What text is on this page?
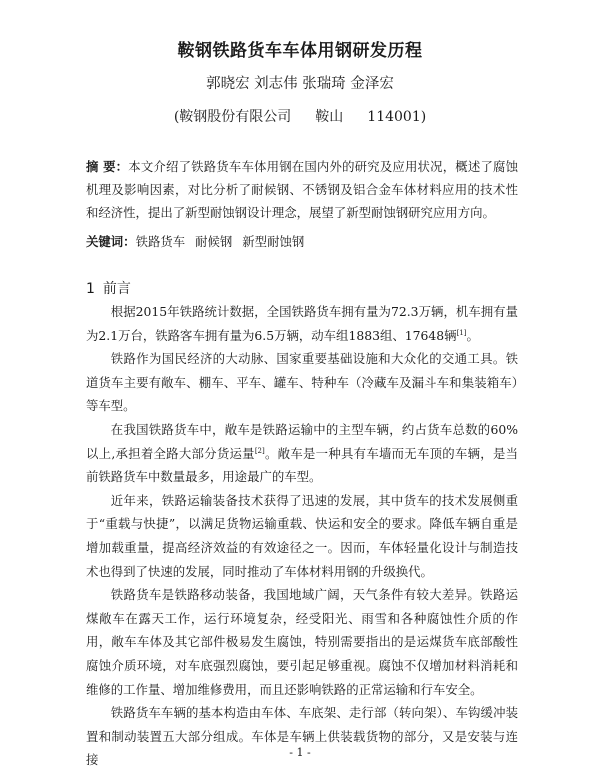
鞍钢铁路货车车体用钢研发历程
郭晓宏 刘志伟 张瑞琦 金泽宏
(鞍钢股份有限公司 鞍山 114001)
摘 要：本文介绍了铁路货车车体用钢在国内外的研究及应用状况，概述了腐蚀机理及影响因素，对比分析了耐候钢、不锈钢及铝合金车体材料应用的技术性和经济性，提出了新型耐蚀钢设计理念，展望了新型耐蚀钢研究应用方向。
关键词：铁路货车 耐候钢 新型耐蚀钢
1 前言

根据2015年铁路统计数据，全国铁路货车拥有量为72.3万辆，机车拥有量为2.1万台，铁路客车拥有量为6.5万辆，动车组1883组、17648辆[1]。

铁路作为国民经济的大动脉、国家重要基础设施和大众化的交通工具。铁道货车主要有敞车、棚车、平车、罐车、特种车（冷藏车及漏斗车和集装箱车）等车型。

在我国铁路货车中，敞车是铁路运输中的主型车辆，约占货车总数的60%以上,承担着全路大部分货运量[2]。敞车是一种具有车墙而无车顶的车辆，是当前铁路货车中数量最多，用途最广的车型。

近年来，铁路运输装备技术获得了迅速的发展，其中货车的技术发展侧重于“重载与快捷”，以满足货物运输重载、快运和安全的要求。降低车辆自重是增加载重量，提高经济效益的有效途径之一。因而，车体轻量化设计与制造技术也得到了快速的发展，同时推动了车体材料用钢的升级换代。

铁路货车是铁路移动装备，我国地域广阔，天气条件有较大差异。铁路运煤敞车在露天工作，运行环境复杂，经受阳光、雨雪和各种腐蚀性介质的作用，敞车车体及其它部件极易发生腐蚀，特别需要指出的是运煤货车底部酸性腐蚀介质环境，对车底强烈腐蚀，要引起足够重视。腐蚀不仅增加材料消耗和维修的工作量、增加维修费用，而且还影响铁路的正常运输和行车安全。

铁路货车车辆的基本构造由车体、车底架、走行部（转向架）、车钩缓冲装置和制动装置五大部分组成。车体是车辆上供装载货物的部分，又是安装与连接	- 1 -
